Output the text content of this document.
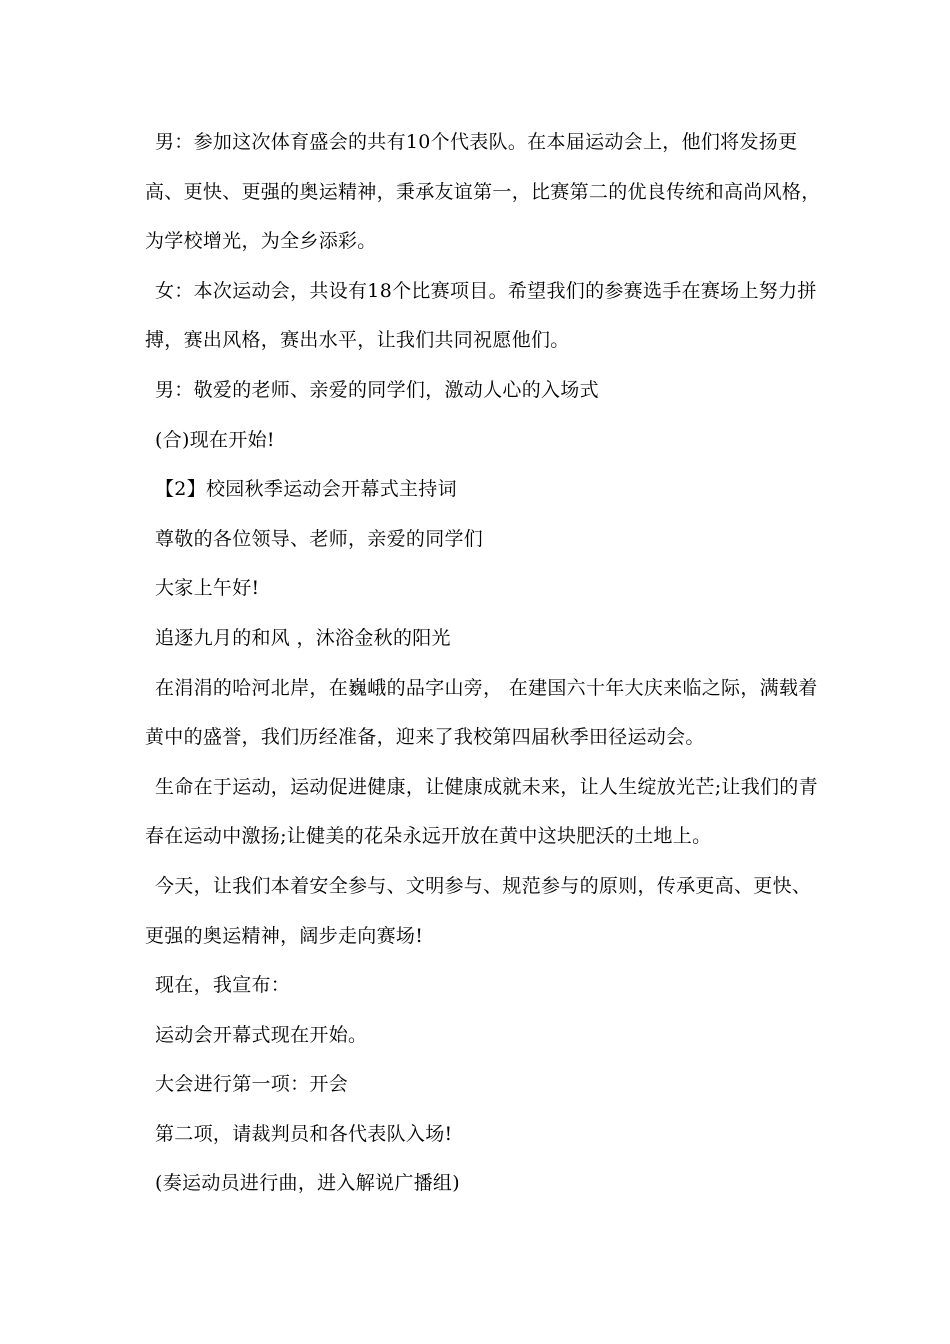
男：参加这次体育盛会的共有10个代表队。在本届运动会上，他们将发扬更高、更快、更强的奥运精神，秉承友谊第一，比赛第二的优良传统和高尚风格，为学校增光，为全乡添彩。

女：本次运动会，共设有18个比赛项目。希望我们的参赛选手在赛场上努力拼搏，赛出风格，赛出水平，让我们共同祝愿他们。

男：敬爱的老师、亲爱的同学们，激动人心的入场式

(合)现在开始!

【2】校园秋季运动会开幕式主持词

尊敬的各位领导、老师，亲爱的同学们

大家上午好!

追逐九月的和风 ，沐浴金秋的阳光

在涓涓的哈河北岸，在巍峨的品字山旁， 在建国六十年大庆来临之际，满载着黄中的盛誉，我们历经准备，迎来了我校第四届秋季田径运动会。

生命在于运动，运动促进健康，让健康成就未来，让人生绽放光芒;让我们的青春在运动中激扬;让健美的花朵永远开放在黄中这块肥沃的土地上。

今天，让我们本着安全参与、文明参与、规范参与的原则，传承更高、更快、更强的奥运精神，阔步走向赛场!

现在，我宣布：

运动会开幕式现在开始。

大会进行第一项：开会

第二项，请裁判员和各代表队入场!

(奏运动员进行曲，进入解说广播组)
